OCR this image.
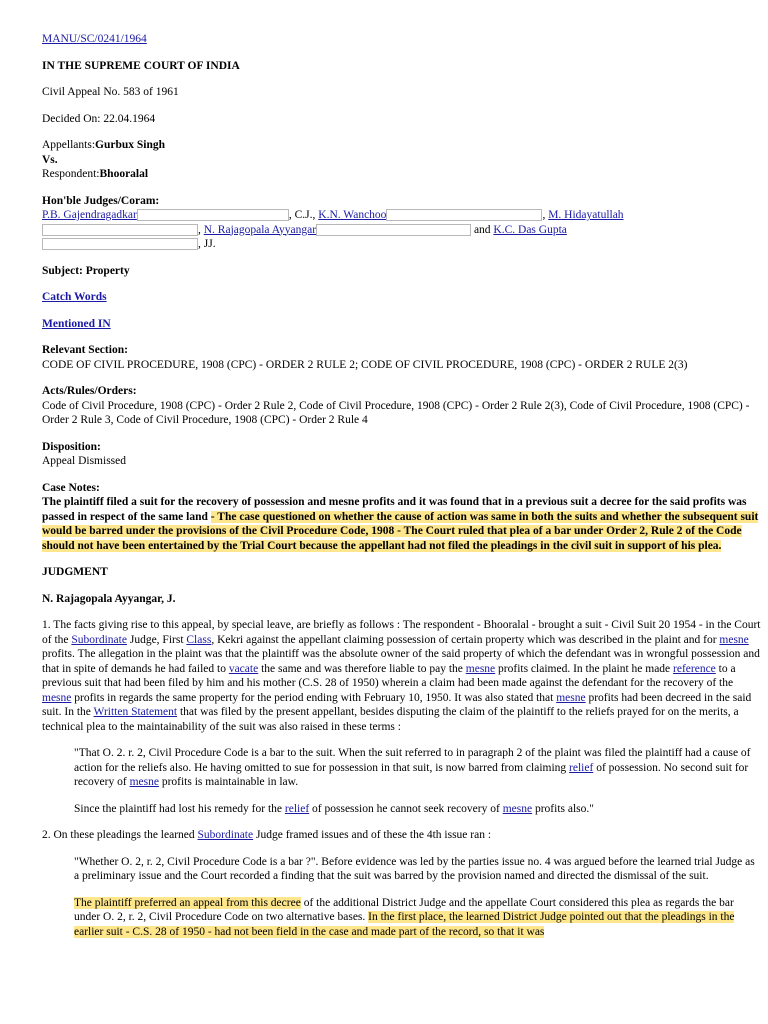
MANU/SC/0241/1964

IN THE SUPREME COURT OF INDIA

Civil Appeal No. 583 of 1961

Decided On: 22.04.1964

Appellants:Gurbux Singh

Vs.

Respondent:Bhooralal

Hon'ble Judges/Coram:

P.B. Gajendragadkar	, C.J., K.N. Wanchoo	, M. Hidayatullah

, N. Rajagopala Ayyangar	and K.C. Das Gupta

, JJ.

Subject: Property

Catch Words

Mentioned IN

Relevant Section:

CODE OF CIVIL PROCEDURE, 1908 (CPC) - ORDER 2 RULE 2; CODE OF CIVIL PROCEDURE, 1908 (CPC) - ORDER 2 RULE 2(3)

Acts/Rules/Orders:

Code of Civil Procedure, 1908 (CPC) - Order 2 Rule 2, Code of Civil Procedure, 1908 (CPC) - Order 2 Rule 2(3), Code of Civil Procedure, 1908 (CPC) - Order 2 Rule 3, Code of Civil Procedure, 1908 (CPC) - Order 2 Rule 4

Disposition:

Appeal Dismissed

Case Notes:

The plaintiff filed a suit for the recovery of possession and mesne profits and it was found that in a previous suit a decree for the said profits was passed in respect of the same land - The case questioned on whether the cause of action was same in both the suits and whether the subsequent suit would be barred under the provisions of the Civil Procedure Code, 1908 - The Court ruled that plea of a bar under Order 2, Rule 2 of the Code should not have been entertained by the Trial Court because the appellant had not filed the pleadings in the civil suit in support of his plea.

JUDGMENT

N. Rajagopala Ayyangar, J.

1. The facts giving rise to this appeal, by special leave, are briefly as follows : The respondent - Bhooralal - brought a suit - Civil Suit 20 1954 - in the Court of the Subordinate Judge, First Class, Kekri against the appellant claiming possession of certain property which was described in the plaint and for mesne profits. The allegation in the plaint was that the plaintiff was the absolute owner of the said property of which the defendant was in wrongful possession and that in spite of demands he had failed to vacate the same and was therefore liable to pay the mesne profits claimed. In the plaint he made reference to a previous suit that had been filed by him and his mother (C.S. 28 of 1950) wherein a claim had been made against the defendant for the recovery of the mesne profits in regards the same property for the period ending with February 10, 1950. It was also stated that mesne profits had been decreed in the said suit. In the Written Statement that was filed by the present appellant, besides disputing the claim of the plaintiff to the reliefs prayed for on the merits, a technical plea to the maintainability of the suit was also raised in these terms :

"That O. 2. r. 2, Civil Procedure Code is a bar to the suit. When the suit referred to in paragraph 2 of the plaint was filed the plaintiff had a cause of action for the reliefs also. He having omitted to sue for possession in that suit, is now barred from claiming relief of possession. No second suit for recovery of mesne profits is maintainable in law.

Since the plaintiff had lost his remedy for the relief of possession he cannot seek recovery of mesne profits also."

2. On these pleadings the learned Subordinate Judge framed issues and of these the 4th issue ran :

"Whether O. 2, r. 2, Civil Procedure Code is a bar ?". Before evidence was led by the parties issue no. 4 was argued before the learned trial Judge as a preliminary issue and the Court recorded a finding that the suit was barred by the provision named and directed the dismissal of the suit.

The plaintiff preferred an appeal from this decree of the additional District Judge and the appellate Court considered this plea as regards the bar under O. 2, r. 2, Civil Procedure Code on two alternative bases. In the first place, the learned District Judge pointed out that the pleadings in the earlier suit - C.S. 28 of 1950 - had not been field in the case and made part of the record, so that it was
